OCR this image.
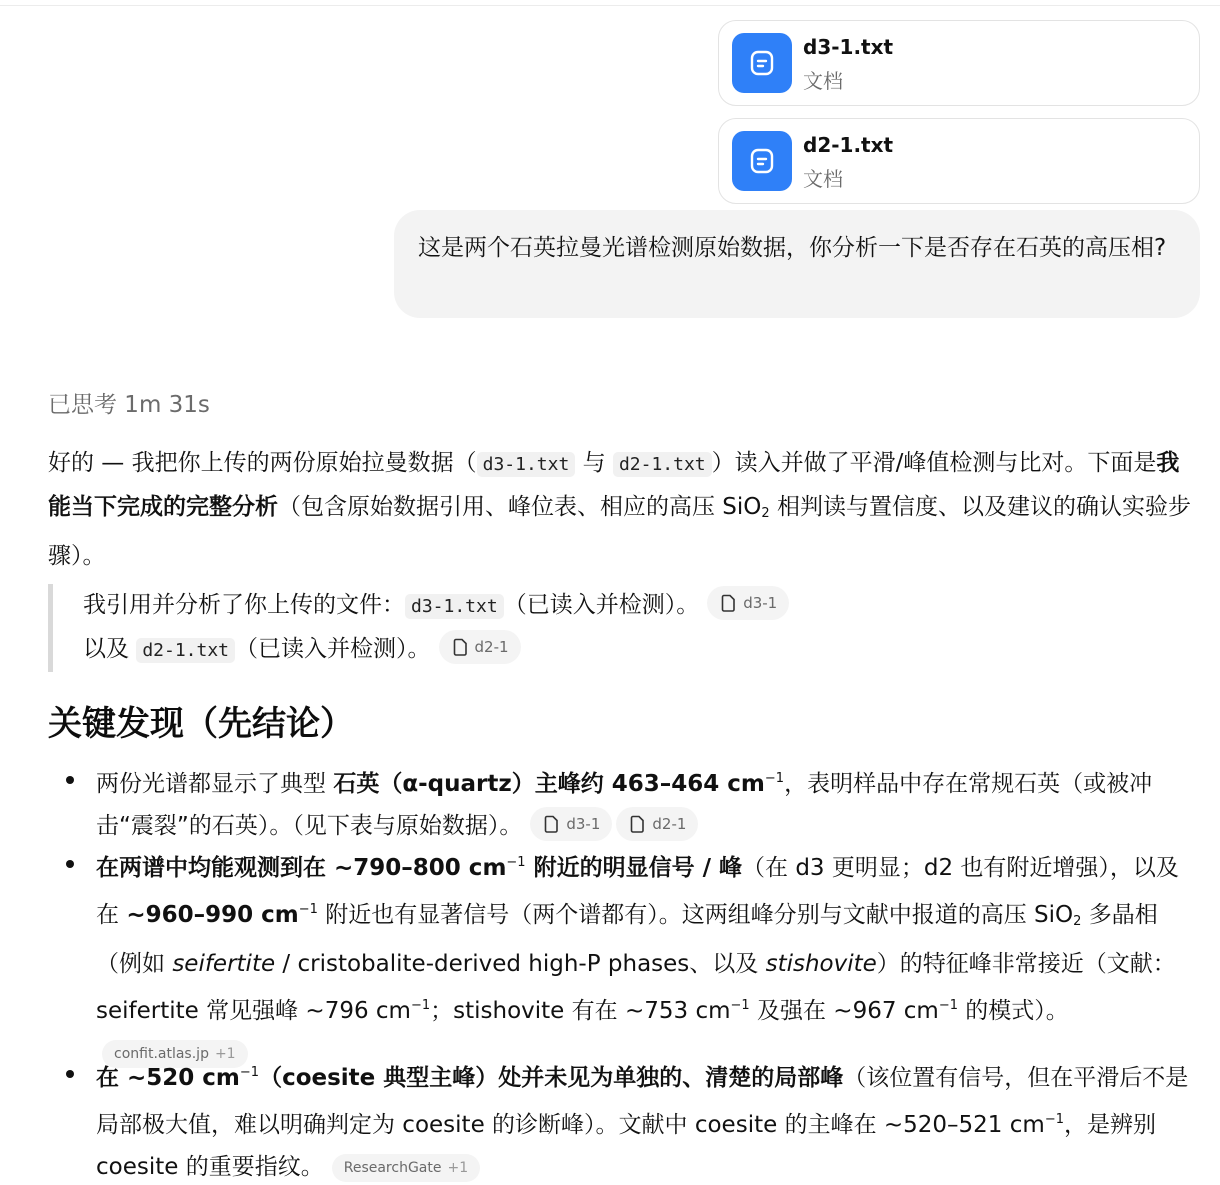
d3-1.txt
文档
d2-1.txt
文档
这是两个石英拉曼光谱检测原始数据，你分析一下是否存在石英的高压相?
已思考 1m 31s
好的 — 我把你上传的两份原始拉曼数据（ d3-1.txt 与 d2-1.txt ）读入并做了平滑/峰值检测与比对。下面是我能当下完成的完整分析（包含原始数据引用、峰位表、相应的高压 SiO$_2$ 相判读与置信度、以及建议的确认实验步骤）。
我引用并分析了你上传的文件： d3-1.txt （已读入并检测）。	d3-1
以及 d2-1.txt （已读入并检测）。	d2-1
关键发现（先结论）
两份光谱都显示了典型 石英（α-quartz）主峰约 463–464 $cm^{-1}$，表明样品中存在常规石英（或被冲击“震裂”的石英）。（见下表与原始数据）。	d3-1	d2-1
在两谱中均能观测到在 ~790–800 $cm^{-1}$ 附近的明显信号 / 峰（在 d3 更明显；d2 也有附近增强），以及在 ~960–990 $cm^{-1}$ 附近也有显著信号（两个谱都有）。这两组峰分别与文献中报道的高压 SiO$_2$ 多晶相（例如 seifertite / cristobalite-derived high-P phases、以及 stishovite）的特征峰非常接近（文献：seifertite 常见强峰 ~796 $cm^{-1}$；stishovite 有在 ~753 $cm^{-1}$ 及强在 ~967 $cm^{-1}$ 的模式）。
confit.atlas.jp +1
在 ~520 $cm^{-1}(coesite$ 典型主峰）处并未见为单独的、清楚的局部峰（该位置有信号，但在平滑后不是局部极大值，难以明确判定为 coesite 的诊断峰）。文献中 coesite 的主峰在 ~520–521 $cm^{-1}$，是辨别 coesite 的重要指纹。 ResearchGate +1
